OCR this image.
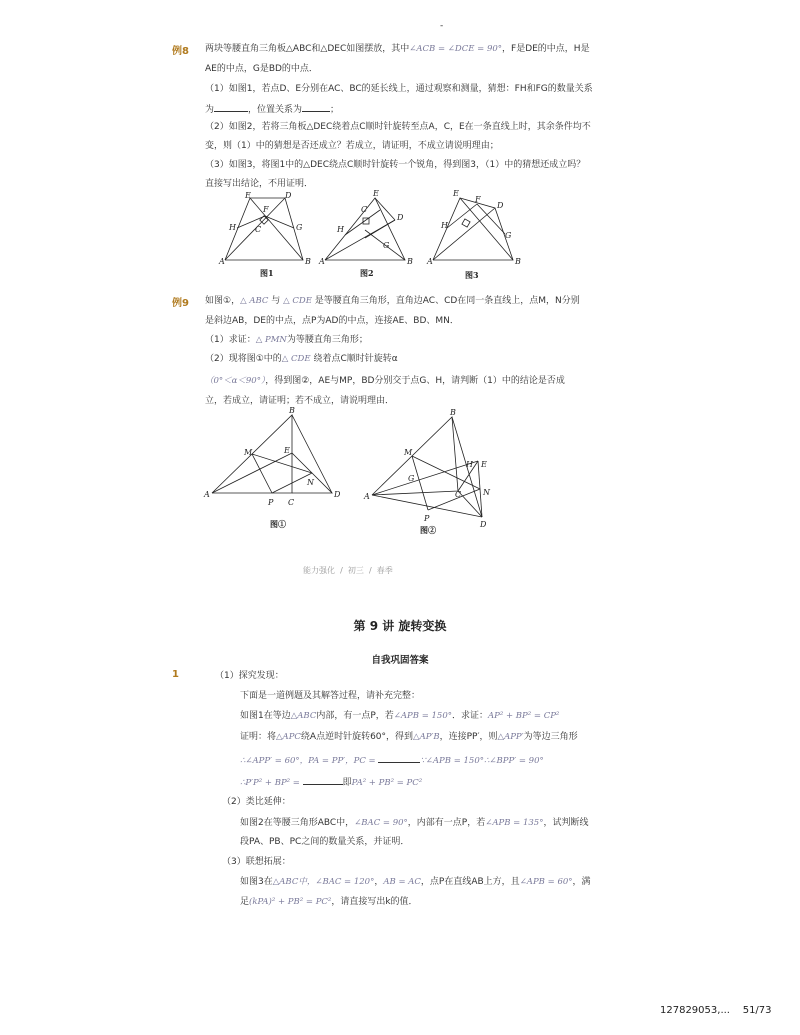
-
例8 两块等腰直角三角板△ABC和△DEC如图摆放，其中∠ACB = ∠DCE = 90°，F是DE的中点，H是
AE的中点，G是BD的中点．
（1）如图1，若点D、E分别在AC、BC的延长线上，通过观察和测量，猜想：FH和FG的数量关系
为	，位置关系为	；
（2）如图2，若将三角板△DEC绕着点C顺时针旋转至点A，C，E在一条直线上时，其余条件均不
变，则（1）中的猜想是否还成立？若成立，请证明，不成立请说明理由；
（3）如图3，将图1中的△DEC绕点C顺时针旋转一个锐角，得到图3，（1）中的猜想还成立吗？
直接写出结论，不用证明．
A	B
E	D
F
H	G
C
图1
A	B
E
D
C
H
G
图2
A	B
E
D
F
H
G
图3
例9 如图①，△ ABC 与 △ CDE 是等腰直角三角形，直角边AC、CD在同一条直线上，点M，N分别
是斜边AB，DE的中点，点P为AD的中点，连接AE、BD、MN．
（1）求证：△ PMN为等腰直角三角形；
（2）现将图①中的△ CDE 绕着点C顺时针旋转α
（0°＜α＜90°），得到图②，AE与MP，BD分别交于点G、H，请判断（1）中的结论是否成
立，若成立，请证明；若不成立，请说明理由．
A
B
M	E
N
P C
D
图①
A
B
M
G
H E
C	N
P
D
图②
能力强化 / 初三 / 春季
第 9 讲 旋转变换
自我巩固答案
1	（1）探究发现：
下面是一道例题及其解答过程，请补充完整：
如图1在等边△ABC内部，有一点P，若∠APB = 150°．求证：AP² + BP² = CP²
证明：将△APC绕A点逆时针旋转60°，得到△AP′B，连接PP′，则△APP′为等边三角形
∴∠APP′ = 60°，PA = PP′，PC =	∵∠APB = 150°∴∠BPP′ = 90°
∴P′P² + BP² =	即PA² + PB² = PC²
（2）类比延伸：
如图2在等腰三角形ABC中，∠BAC = 90°，内部有一点P，若∠APB = 135°，试判断线
段PA、PB、PC之间的数量关系，并证明．
（3）联想拓展：
如图3在△ABC中，∠BAC = 120°，AB = AC，点P在直线AB上方，且∠APB = 60°，满
足(kPA)² + PB² = PC²，请直接写出k的值．
127829053,... 51/73
